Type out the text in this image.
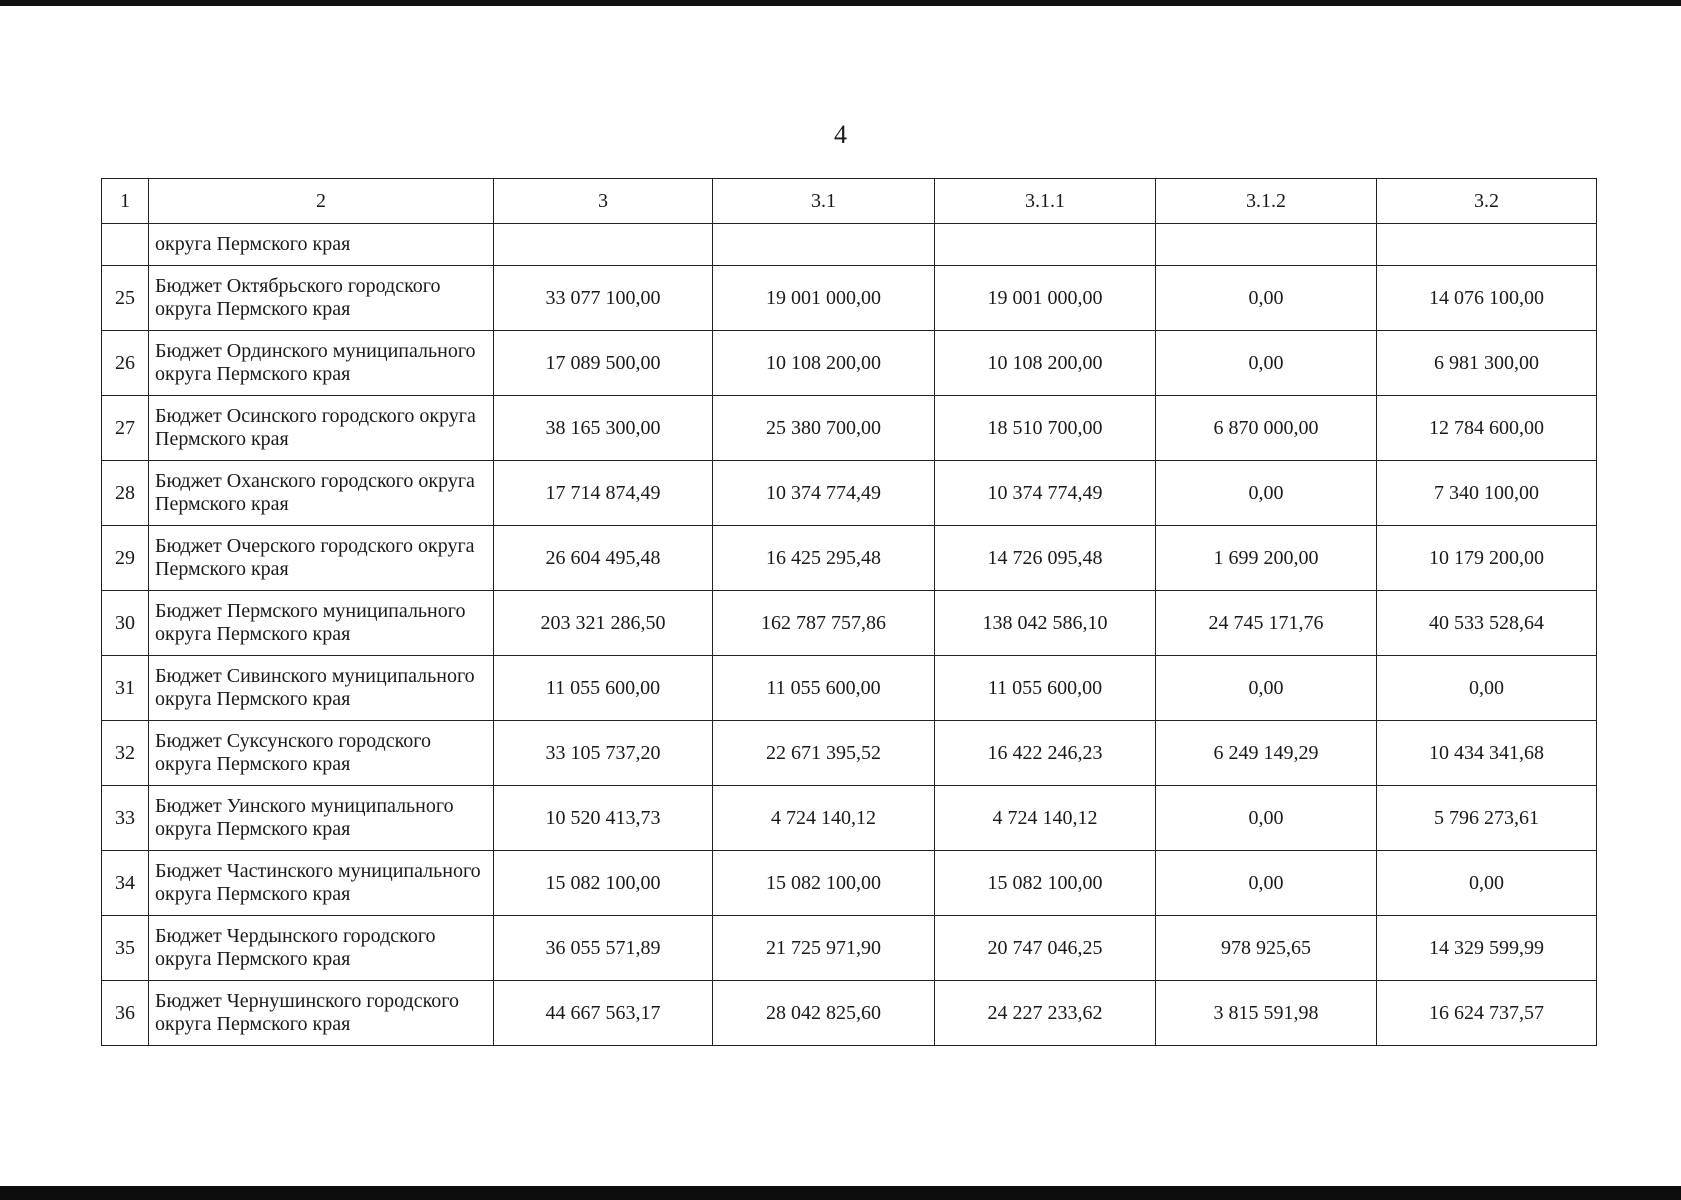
4
1	2	3	3.1	3.1.1	3.1.2	3.2
	округа Пермского края					
25	Бюджет Октябрьского городского округа Пермского края	33 077 100,00	19 001 000,00	19 001 000,00	0,00	14 076 100,00
26	Бюджет Ординского муниципального округа Пермского края	17 089 500,00	10 108 200,00	10 108 200,00	0,00	6 981 300,00
27	Бюджет Осинского городского округа Пермского края	38 165 300,00	25 380 700,00	18 510 700,00	6 870 000,00	12 784 600,00
28	Бюджет Оханского городского округа Пермского края	17 714 874,49	10 374 774,49	10 374 774,49	0,00	7 340 100,00
29	Бюджет Очерского городского округа Пермского края	26 604 495,48	16 425 295,48	14 726 095,48	1 699 200,00	10 179 200,00
30	Бюджет Пермского муниципального округа Пермского края	203 321 286,50	162 787 757,86	138 042 586,10	24 745 171,76	40 533 528,64
31	Бюджет Сивинского муниципального округа Пермского края	11 055 600,00	11 055 600,00	11 055 600,00	0,00	0,00
32	Бюджет Суксунского городского округа Пермского края	33 105 737,20	22 671 395,52	16 422 246,23	6 249 149,29	10 434 341,68
33	Бюджет Уинского муниципального округа Пермского края	10 520 413,73	4 724 140,12	4 724 140,12	0,00	5 796 273,61
34	Бюджет Частинского муниципального округа Пермского края	15 082 100,00	15 082 100,00	15 082 100,00	0,00	0,00
35	Бюджет Чердынского городского округа Пермского края	36 055 571,89	21 725 971,90	20 747 046,25	978 925,65	14 329 599,99
36	Бюджет Чернушинского городского округа Пермского края	44 667 563,17	28 042 825,60	24 227 233,62	3 815 591,98	16 624 737,57
